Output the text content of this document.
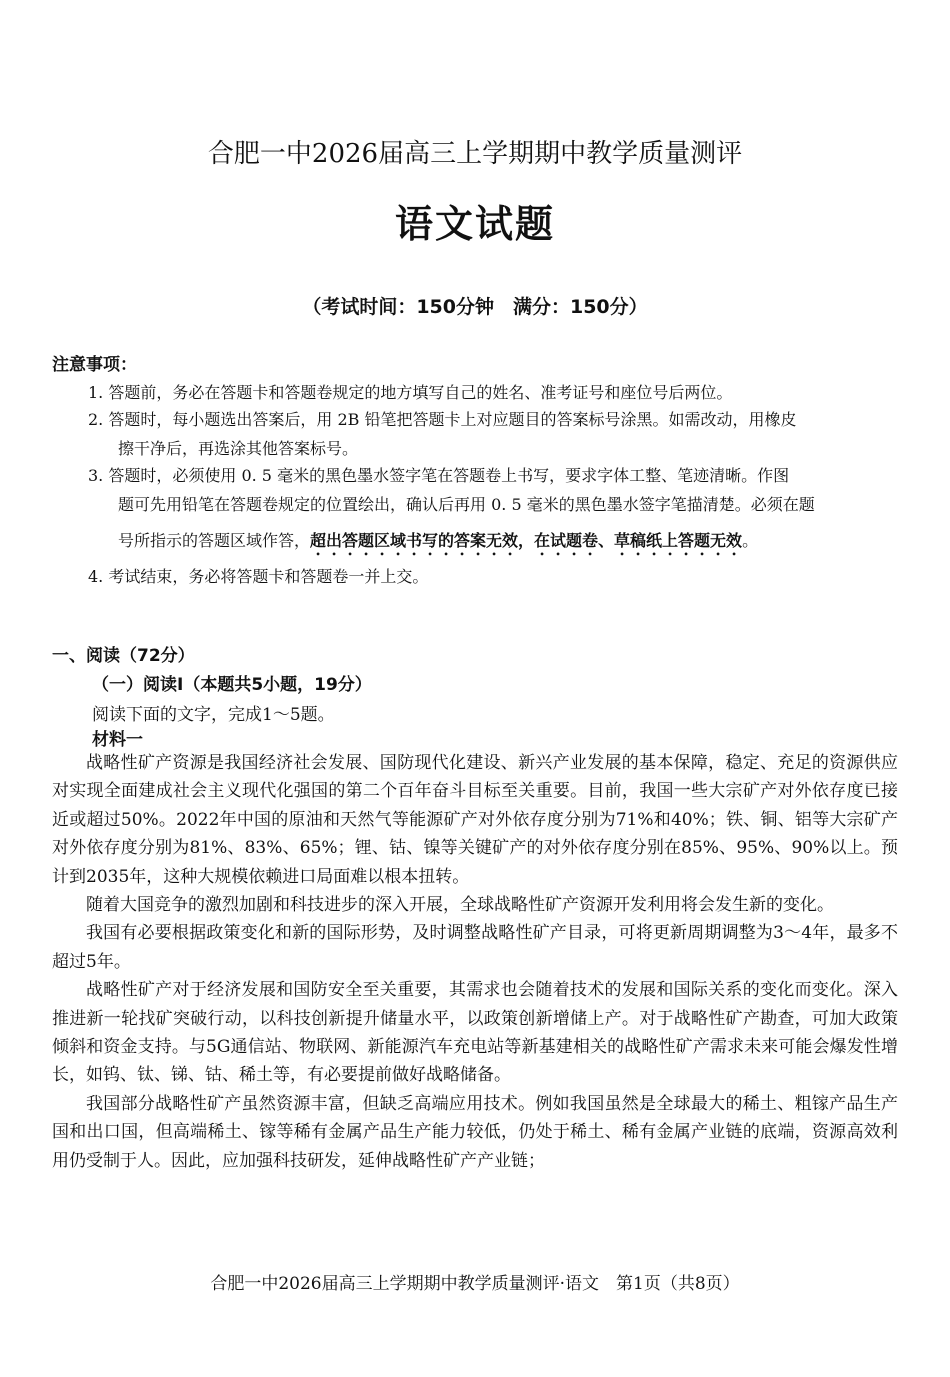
合肥一中2026届高三上学期期中教学质量测评
语文试题
（考试时间：150分钟　满分：150分）
注意事项：
1. 答题前，务必在答题卡和答题卷规定的地方填写自己的姓名、准考证号和座位号后两位。
2. 答题时，每小题选出答案后，用 2B 铅笔把答题卡上对应题目的答案标号涂黑。如需改动，用橡皮
擦干净后，再选涂其他答案标号。
3. 答题时，必须使用 0. 5 毫米的黑色墨水签字笔在答题卷上书写，要求字体工整、笔迹清晰。作图
题可先用铅笔在答题卷规定的位置绘出，确认后再用 0. 5 毫米的黑色墨水签字笔描清楚。必须在题
号所指示的答题区域作答，超出答题区域书写的答案无效，在试题卷、草稿纸上答题无效。
4. 考试结束，务必将答题卡和答题卷一并上交。
一、阅读（72分）
（一）阅读Ⅰ（本题共5小题，19分）
阅读下面的文字，完成1～5题。
材料一

战略性矿产资源是我国经济社会发展、国防现代化建设、新兴产业发展的基本保障，稳定、充足的资源供应对实现全面建成社会主义现代化强国的第二个百年奋斗目标至关重要。目前，我国一些大宗矿产对外依存度已接近或超过50%。2022年中国的原油和天然气等能源矿产对外依存度分别为71%和40%；铁、铜、铝等大宗矿产对外依存度分别为81%、83%、65%；锂、钴、镍等关键矿产的对外依存度分别在85%、95%、90%以上。预计到2035年，这种大规模依赖进口局面难以根本扭转。

随着大国竞争的激烈加剧和科技进步的深入开展，全球战略性矿产资源开发利用将会发生新的变化。

我国有必要根据政策变化和新的国际形势，及时调整战略性矿产目录，可将更新周期调整为3～4年，最多不超过5年。

战略性矿产对于经济发展和国防安全至关重要，其需求也会随着技术的发展和国际关系的变化而变化。深入推进新一轮找矿突破行动，以科技创新提升储量水平，以政策创新增储上产。对于战略性矿产勘查，可加大政策倾斜和资金支持。与5G通信站、物联网、新能源汽车充电站等新基建相关的战略性矿产需求未来可能会爆发性增长，如钨、钛、锑、钴、稀土等，有必要提前做好战略储备。

我国部分战略性矿产虽然资源丰富，但缺乏高端应用技术。例如我国虽然是全球最大的稀土、粗镓产品生产国和出口国，但高端稀土、镓等稀有金属产品生产能力较低，仍处于稀土、稀有金属产业链的底端，资源高效利用仍受制于人。因此，应加强科技研发，延伸战略性矿产产业链；

合肥一中2026届高三上学期期中教学质量测评·语文　第1页（共8页）
